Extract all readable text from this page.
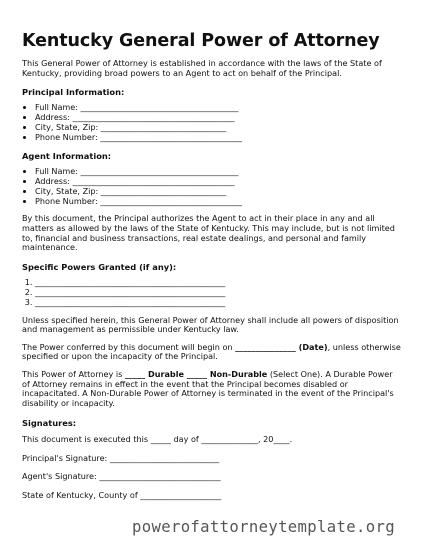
Kentucky General Power of Attorney

This General Power of Attorney is established in accordance with the laws of the State of Kentucky, providing broad powers to an Agent to act on behalf of the Principal.

Principal Information:
• Full Name: _______________________________________
• Address: ________________________________________
• City, State, Zip: _______________________________
• Phone Number: ___________________________________
Agent Information:
• Full Name: _______________________________________
• Address: ________________________________________
• City, State, Zip: _______________________________
• Phone Number: ___________________________________

By this document, the Principal authorizes the Agent to act in their place in any and all matters as allowed by the laws of the State of Kentucky. This may include, but is not limited to, financial and business transactions, real estate dealings, and personal and family maintenance.

Specific Powers Granted (if any):
1. _______________________________________________
2. _______________________________________________
3. _______________________________________________

Unless specified herein, this General Power of Attorney shall include all powers of disposition and management as permissible under Kentucky law.

The Power conferred by this document will begin on _______________ (Date), unless otherwise specified or upon the incapacity of the Principal.

This Power of Attorney is _____ Durable _____ Non-Durable (Select One). A Durable Power of Attorney remains in effect in the event that the Principal becomes disabled or incapacitated. A Non-Durable Power of Attorney is terminated in the event of the Principal's disability or incapacity.

Signatures:

This document is executed this _____ day of ______________, 20____.

Principal's Signature: ___________________________

Agent's Signature: ______________________________

State of Kentucky, County of ____________________

powerofattorneytemplate.org
